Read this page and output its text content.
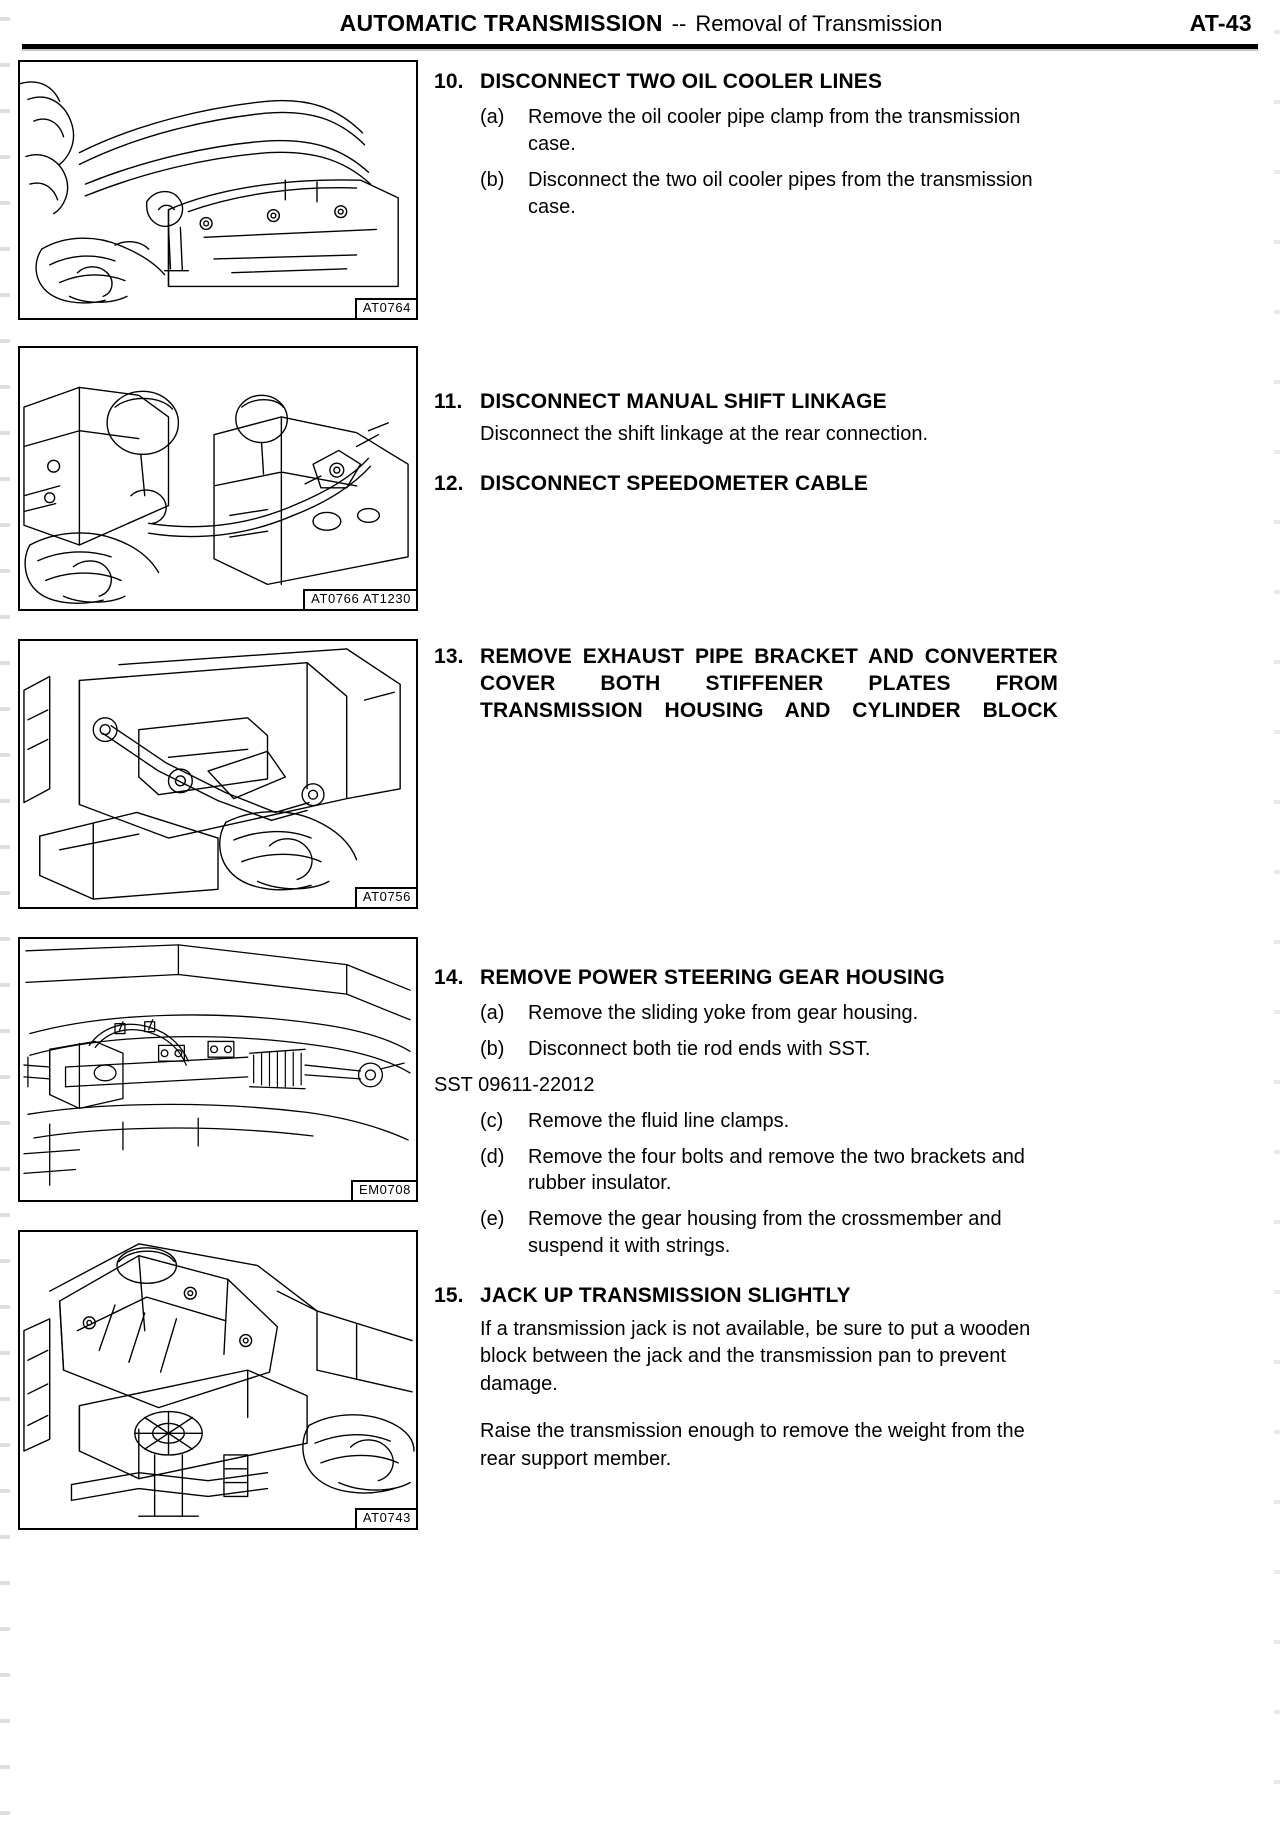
AUTOMATIC TRANSMISSION -- Removal of Transmission	AT-43
AT0764
AT0766 AT1230
AT0756
EM0708
AT0743
10. DISCONNECT TWO OIL COOLER LINES
(a)	Remove the oil cooler pipe clamp from the transmission case.
(b)	Disconnect the two oil cooler pipes from the transmission case.
11. DISCONNECT MANUAL SHIFT LINKAGE
Disconnect the shift linkage at the rear connection.
12. DISCONNECT SPEEDOMETER CABLE
13. REMOVE EXHAUST PIPE BRACKET AND CONVERTER COVER BOTH STIFFENER PLATES FROM TRANSMISSION HOUSING AND CYLINDER BLOCK
14. REMOVE POWER STEERING GEAR HOUSING
(a)	Remove the sliding yoke from gear housing.
(b)	Disconnect both tie rod ends with SST.
SST 09611-22012
(c)	Remove the fluid line clamps.
(d)	Remove the four bolts and remove the two brackets and rubber insulator.
(e)	Remove the gear housing from the crossmember and suspend it with strings.
15. JACK UP TRANSMISSION SLIGHTLY
If a transmission jack is not available, be sure to put a wooden block between the jack and the transmission pan to prevent damage.
Raise the transmission enough to remove the weight from the rear support member.
